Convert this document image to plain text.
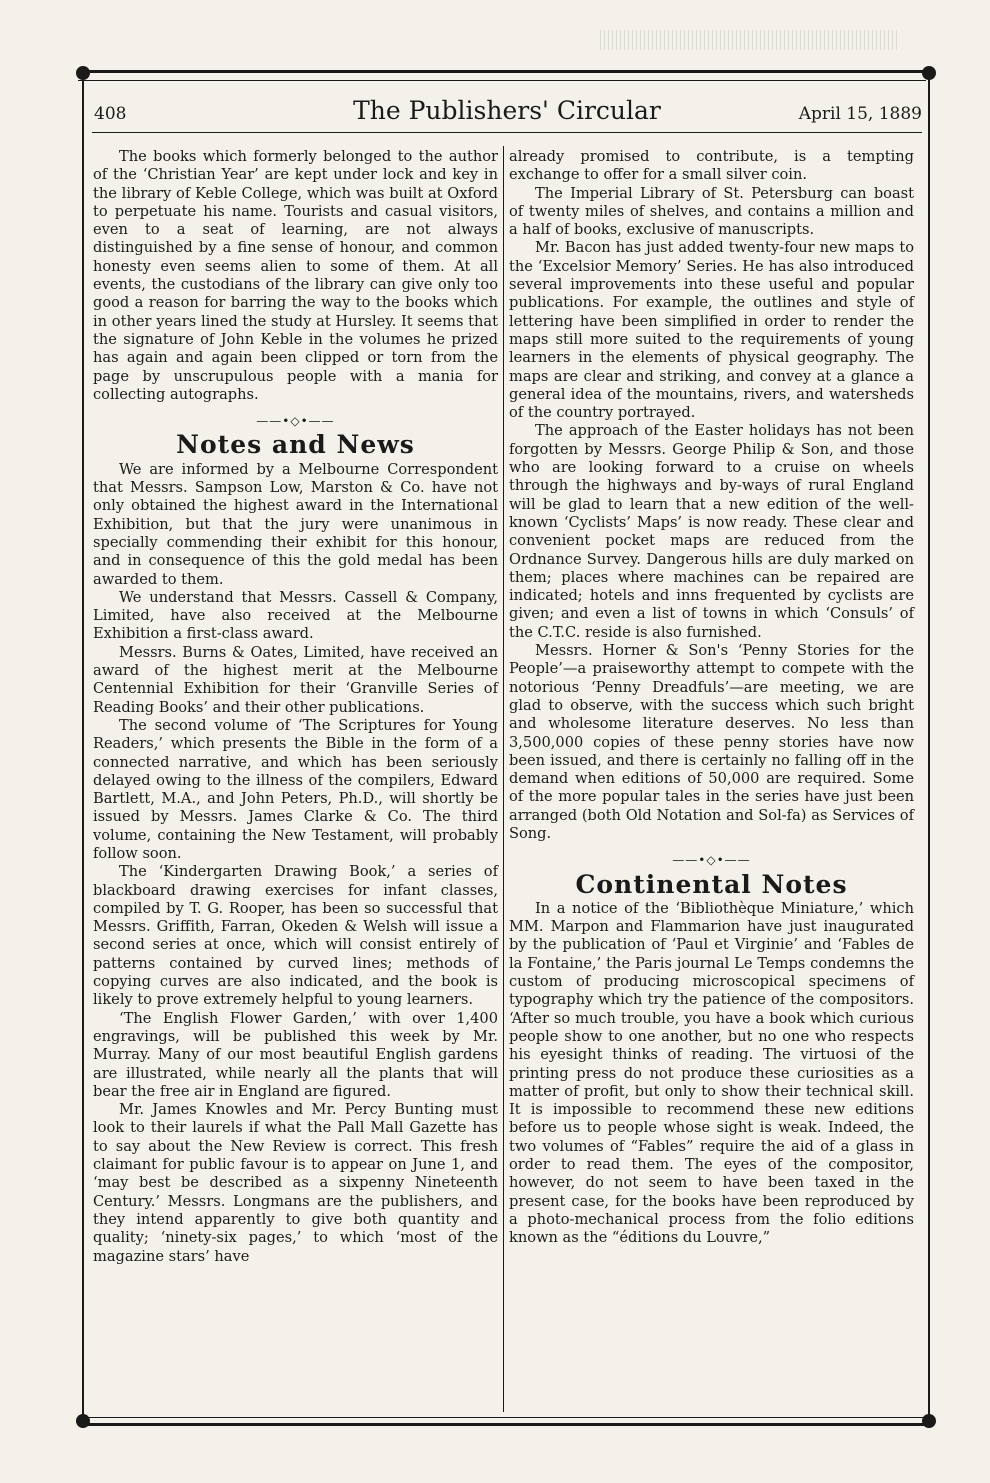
408	The Publishers' Circular	April 15, 1889

The books which formerly belonged to the author of the ‘Christian Year’ are kept under lock and key in the library of Keble College, which was built at Oxford to perpetuate his name. Tourists and casual visitors, even to a seat of learning, are not always distinguished by a fine sense of honour, and common honesty even seems alien to some of them. At all events, the custodians of the library can give only too good a reason for barring the way to the books which in other years lined the study at Hursley. It seems that the signature of John Keble in the volumes he prized has again and again been clipped or torn from the page by unscrupulous people with a mania for collecting autographs.

——•◇•——
Notes and News

We are informed by a Melbourne Correspondent that Messrs. Sampson Low, Marston & Co. have not only obtained the highest award in the International Exhibition, but that the jury were unanimous in specially commending their exhibit for this honour, and in consequence of this the gold medal has been awarded to them.

We understand that Messrs. Cassell & Company, Limited, have also received at the Melbourne Exhibition a first-class award.

Messrs. Burns & Oates, Limited, have received an award of the highest merit at the Melbourne Centennial Exhibition for their ‘Granville Series of Reading Books’ and their other publications.

The second volume of ‘The Scriptures for Young Readers,’ which presents the Bible in the form of a connected narrative, and which has been seriously delayed owing to the illness of the compilers, Edward Bartlett, M.A., and John Peters, Ph.D., will shortly be issued by Messrs. James Clarke & Co. The third volume, containing the New Testament, will probably follow soon.

The ‘Kindergarten Drawing Book,’ a series of blackboard drawing exercises for infant classes, compiled by T. G. Rooper, has been so successful that Messrs. Griffith, Farran, Okeden & Welsh will issue a second series at once, which will consist entirely of patterns contained by curved lines; methods of copying curves are also indicated, and the book is likely to prove extremely helpful to young learners.

‘The English Flower Garden,’ with over 1,400 engravings, will be published this week by Mr. Murray. Many of our most beautiful English gardens are illustrated, while nearly all the plants that will bear the free air in England are figured.

Mr. James Knowles and Mr. Percy Bunting must look to their laurels if what the Pall Mall Gazette has to say about the New Review is correct. This fresh claimant for public favour is to appear on June 1, and ‘may best be described as a sixpenny Nineteenth Century.’ Messrs. Longmans are the publishers, and they intend apparently to give both quantity and quality; ‘ninety-six pages,’ to which ‘most of the magazine stars’ have

already promised to contribute, is a tempting exchange to offer for a small silver coin.

The Imperial Library of St. Petersburg can boast of twenty miles of shelves, and contains a million and a half of books, exclusive of manuscripts.

Mr. Bacon has just added twenty-four new maps to the ‘Excelsior Memory’ Series. He has also introduced several improvements into these useful and popular publications. For example, the outlines and style of lettering have been simplified in order to render the maps still more suited to the requirements of young learners in the elements of physical geography. The maps are clear and striking, and convey at a glance a general idea of the mountains, rivers, and watersheds of the country portrayed.

The approach of the Easter holidays has not been forgotten by Messrs. George Philip & Son, and those who are looking forward to a cruise on wheels through the highways and by-ways of rural England will be glad to learn that a new edition of the well-known ‘Cyclists’ Maps’ is now ready. These clear and convenient pocket maps are reduced from the Ordnance Survey. Dangerous hills are duly marked on them; places where machines can be repaired are indicated; hotels and inns frequented by cyclists are given; and even a list of towns in which ‘Consuls’ of the C.T.C. reside is also furnished.

Messrs. Horner & Son's ‘Penny Stories for the People’—a praiseworthy attempt to compete with the notorious ‘Penny Dreadfuls’—are meeting, we are glad to observe, with the success which such bright and wholesome literature deserves. No less than 3,500,000 copies of these penny stories have now been issued, and there is certainly no falling off in the demand when editions of 50,000 are required. Some of the more popular tales in the series have just been arranged (both Old Notation and Sol-fa) as Services of Song.

——•◇•——
Continental Notes

In a notice of the ‘Bibliothèque Miniature,’ which MM. Marpon and Flammarion have just inaugurated by the publication of ‘Paul et Virginie’ and ‘Fables de la Fontaine,’ the Paris journal Le Temps condemns the custom of producing microscopical specimens of typography which try the patience of the compositors. ‘After so much trouble, you have a book which curious people show to one another, but no one who respects his eyesight thinks of reading. The virtuosi of the printing press do not produce these curiosities as a matter of profit, but only to show their technical skill. It is impossible to recommend these new editions before us to people whose sight is weak. Indeed, the two volumes of “Fables” require the aid of a glass in order to read them. The eyes of the compositor, however, do not seem to have been taxed in the present case, for the books have been reproduced by a photo-mechanical process from the folio editions known as the “éditions du Louvre,”
